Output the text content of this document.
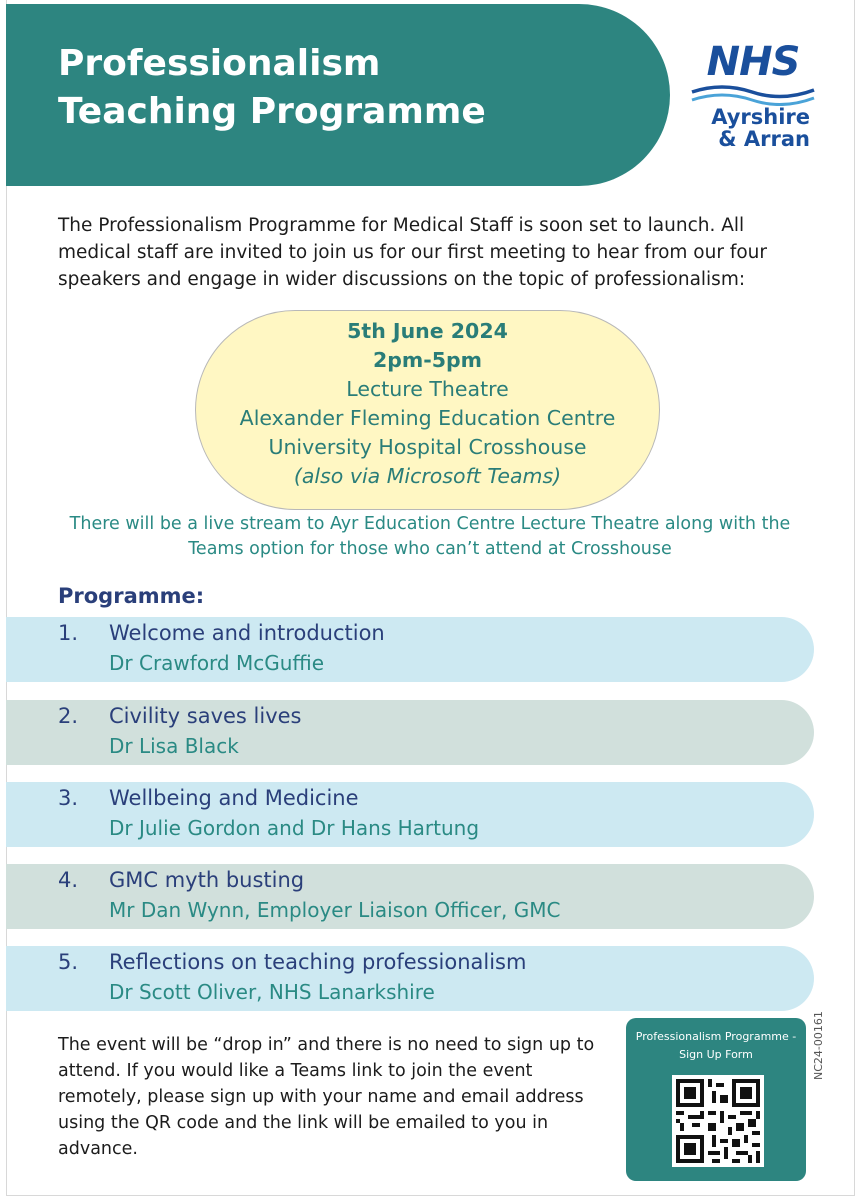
Professionalism
Teaching Programme
NHS
Ayrshire
& Arran
The Professionalism Programme for Medical Staff is soon set to launch. All medical staff are invited to join us for our first meeting to hear from our four speakers and engage in wider discussions on the topic of professionalism:
5th June 2024
2pm-5pm
Lecture Theatre
Alexander Fleming Education Centre
University Hospital Crosshouse
(also via Microsoft Teams)
There will be a live stream to Ayr Education Centre Lecture Theatre along with the Teams option for those who can’t attend at Crosshouse
Programme:
1. Welcome and introduction
Dr Crawford McGuffie
2. Civility saves lives
Dr Lisa Black
3. Wellbeing and Medicine
Dr Julie Gordon and Dr Hans Hartung
4. GMC myth busting
Mr Dan Wynn, Employer Liaison Officer, GMC
5. Reflections on teaching professionalism
Dr Scott Oliver, NHS Lanarkshire
The event will be “drop in” and there is no need to sign up to attend. If you would like a Teams link to join the event remotely, please sign up with your name and email address using the QR code and the link will be emailed to you in advance.
Professionalism Programme - Sign Up Form	NC24-00161
